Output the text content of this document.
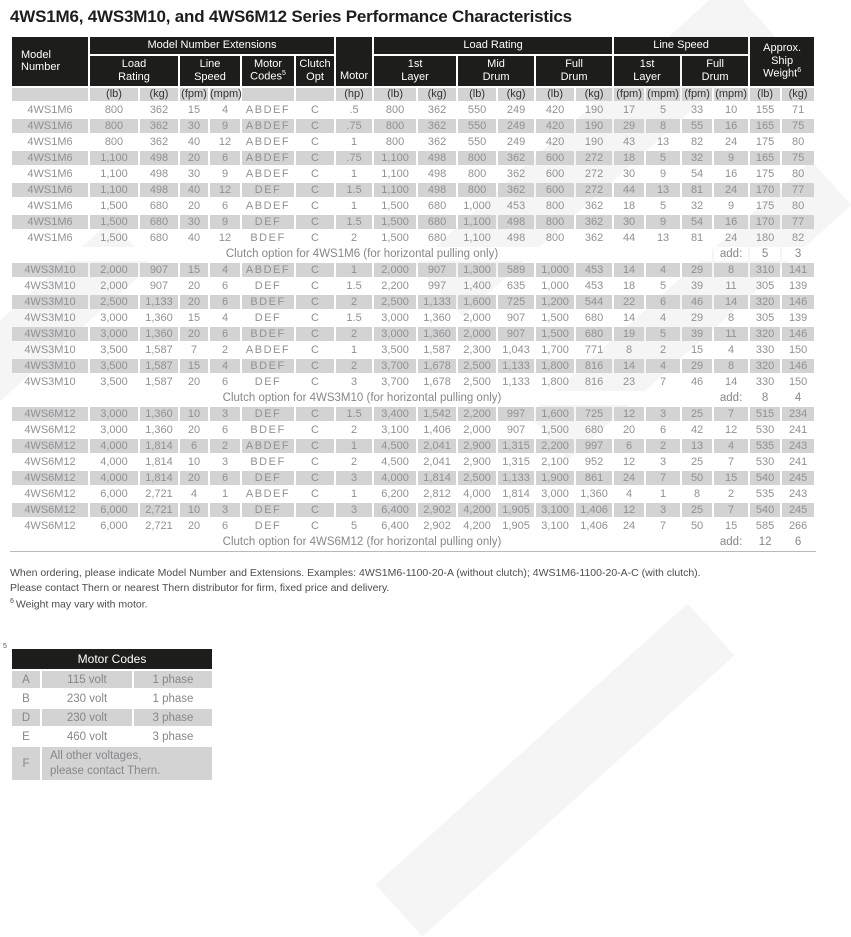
4WS1M6, 4WS3M10, and 4WS6M12 Series Performance Characteristics
Model
Number	Model Number Extensions						Motor	Load Rating						Line Speed				Approx.
Ship
Weight$^6$
	Load
Rating		Line
Speed		Motor
Codes$^5$	Clutch
Opt		1st
Layer		Mid
Drum		Full
Drum		1st
Layer		Full
Drum			
	(lb)	(kg)	(fpm)	(mpm)			(hp)	(lb)	(kg)	(lb)	(kg)	(lb)	(kg)	(fpm)	(mpm)	(fpm)	(mpm)	(lb)	(kg)
4WS1M6	800	362	15	4	ABDEF	C	.5	800	362	550	249	420	190	17	5	33	10	155	71
4WS1M6	800	362	30	9	ABDEF	C	.75	800	362	550	249	420	190	29	8	55	16	165	75
4WS1M6	800	362	40	12	ABDEF	C	1	800	362	550	249	420	190	43	13	82	24	175	80
4WS1M6	1,100	498	20	6	ABDEF	C	.75	1,100	498	800	362	600	272	18	5	32	9	165	75
4WS1M6	1,100	498	30	9	ABDEF	C	1	1,100	498	800	362	600	272	30	9	54	16	175	80
4WS1M6	1,100	498	40	12	DEF	C	1.5	1,100	498	800	362	600	272	44	13	81	24	170	77
4WS1M6	1,500	680	20	6	ABDEF	C	1	1,500	680	1,000	453	800	362	18	5	32	9	175	80
4WS1M6	1,500	680	30	9	DEF	C	1.5	1,500	680	1,100	498	800	362	30	9	54	16	170	77
4WS1M6	1,500	680	40	12	BDEF	C	2	1,500	680	1,100	498	800	362	44	13	81	24	180	82
Clutch option for 4WS1M6 (for horizontal pulling only)																	add:	5	3
4WS3M10	2,000	907	15	4	ABDEF	C	1	2,000	907	1,300	589	1,000	453	14	4	29	8	310	141
4WS3M10	2,000	907	20	6	DEF	C	1.5	2,200	997	1,400	635	1,000	453	18	5	39	11	305	139
4WS3M10	2,500	1,133	20	6	BDEF	C	2	2,500	1,133	1,600	725	1,200	544	22	6	46	14	320	146
4WS3M10	3,000	1,360	15	4	DEF	C	1.5	3,000	1,360	2,000	907	1,500	680	14	4	29	8	305	139
4WS3M10	3,000	1,360	20	6	BDEF	C	2	3,000	1,360	2,000	907	1,500	680	19	5	39	11	320	146
4WS3M10	3,500	1,587	7	2	ABDEF	C	1	3,500	1,587	2,300	1,043	1,700	771	8	2	15	4	330	150
4WS3M10	3,500	1,587	15	4	BDEF	C	2	3,700	1,678	2,500	1,133	1,800	816	14	4	29	8	320	146
4WS3M10	3,500	1,587	20	6	DEF	C	3	3,700	1,678	2,500	1,133	1,800	816	23	7	46	14	330	150
Clutch option for 4WS3M10 (for horizontal pulling only)																	add:	8	4
4WS6M12	3,000	1,360	10	3	DEF	C	1.5	3,400	1,542	2,200	997	1,600	725	12	3	25	7	515	234
4WS6M12	3,000	1,360	20	6	BDEF	C	2	3,100	1,406	2,000	907	1,500	680	20	6	42	12	530	241
4WS6M12	4,000	1,814	6	2	ABDEF	C	1	4,500	2,041	2,900	1,315	2,200	997	6	2	13	4	535	243
4WS6M12	4,000	1,814	10	3	BDEF	C	2	4,500	2,041	2,900	1,315	2,100	952	12	3	25	7	530	241
4WS6M12	4,000	1,814	20	6	DEF	C	3	4,000	1,814	2,500	1,133	1,900	861	24	7	50	15	540	245
4WS6M12	6,000	2,721	4	1	ABDEF	C	1	6,200	2,812	4,000	1,814	3,000	1,360	4	1	8	2	535	243
4WS6M12	6,000	2,721	10	3	DEF	C	3	6,400	2,902	4,200	1,905	3,100	1,406	12	3	25	7	540	245
4WS6M12	6,000	2,721	20	6	DEF	C	5	6,400	2,902	4,200	1,905	3,100	1,406	24	7	50	15	585	266
Clutch option for 4WS6M12 (for horizontal pulling only)																	add:	12	6

When ordering, please indicate Model Number and Extensions. Examples: 4WS1M6-1100-20-A (without clutch); 4WS1M6-1100-20-A-C (with clutch).

Please contact Thern or nearest Thern distributor for firm, fixed price and delivery.

$^6$ Weight may vary with motor.

5
Motor Codes		
A	115 volt	1 phase
B	230 volt	1 phase
D	230 volt	3 phase
E	460 volt	3 phase
F	All other voltages,
please contact Thern.	
